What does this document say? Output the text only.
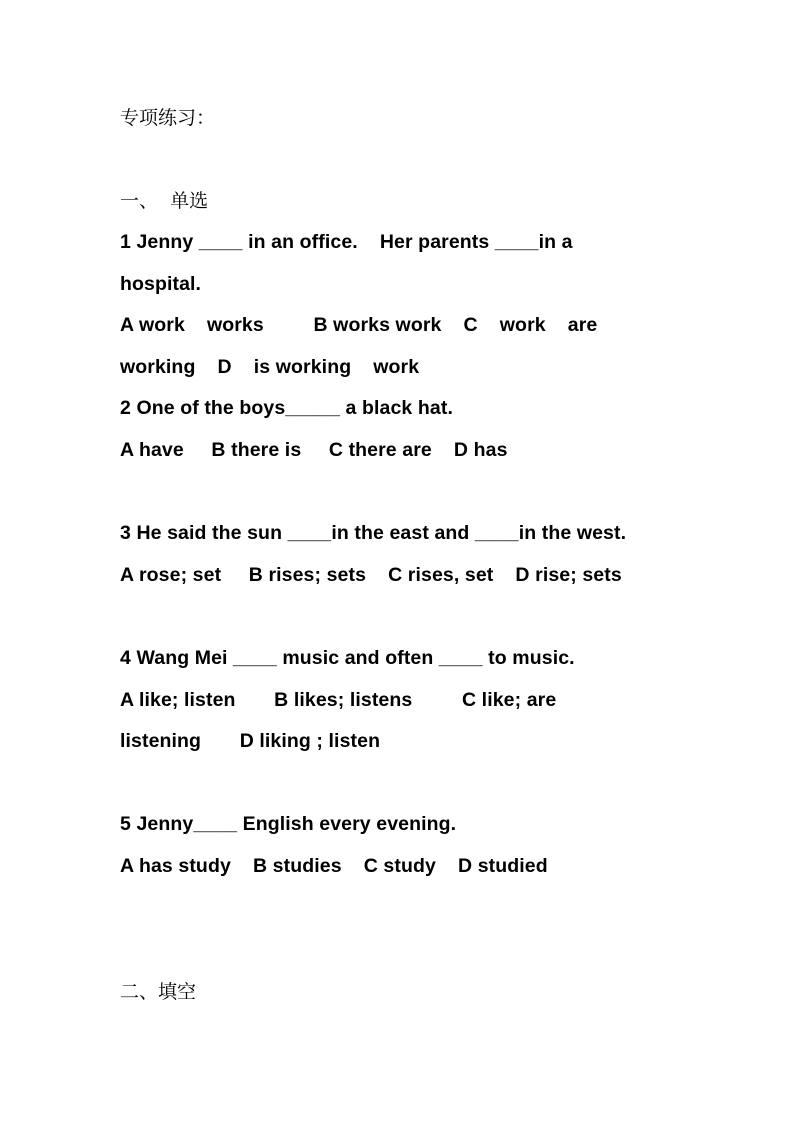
专项练习：
一、  单选
1 Jenny ____ in an office.    Her parents ____in a
hospital.
A work    works         B works work    C    work    are
working    D    is working    work
2 One of the boys_____ a black hat.
A have     B there is     C there are    D has
3 He said the sun ____in the east and ____in the west.
A rose; set     B rises; sets    C rises, set    D rise; sets
4 Wang Mei ____ music and often ____ to music.
A like; listen       B likes; listens         C like; are
listening       D liking ; listen
5 Jenny____ English every evening.
A has study    B studies    C study    D studied
二、填空
